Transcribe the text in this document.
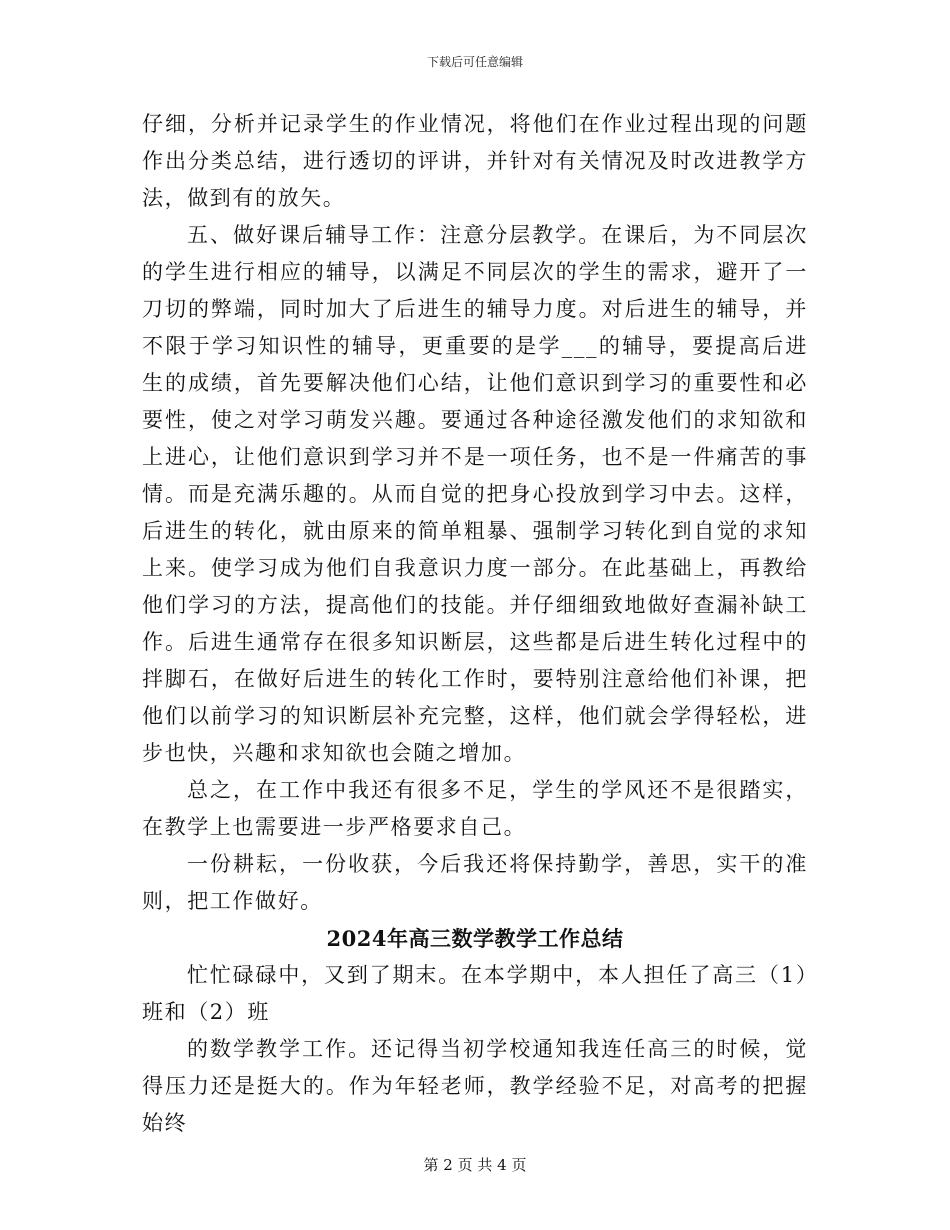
下载后可任意编辑

仔细，分析并记录学生的作业情况，将他们在作业过程出现的问题作出分类总结，进行透切的评讲，并针对有关情况及时改进教学方法，做到有的放矢。

五、做好课后辅导工作：注意分层教学。在课后，为不同层次的学生进行相应的辅导，以满足不同层次的学生的需求，避开了一刀切的弊端，同时加大了后进生的辅导力度。对后进生的辅导，并不限于学习知识性的辅导，更重要的是学___的辅导，要提高后进生的成绩，首先要解决他们心结，让他们意识到学习的重要性和必要性，使之对学习萌发兴趣。要通过各种途径激发他们的求知欲和上进心，让他们意识到学习并不是一项任务，也不是一件痛苦的事情。而是充满乐趣的。从而自觉的把身心投放到学习中去。这样，后进生的转化，就由原来的简单粗暴、强制学习转化到自觉的求知上来。使学习成为他们自我意识力度一部分。在此基础上，再教给他们学习的方法，提高他们的技能。并仔细细致地做好查漏补缺工作。后进生通常存在很多知识断层，这些都是后进生转化过程中的拌脚石，在做好后进生的转化工作时，要特别注意给他们补课，把他们以前学习的知识断层补充完整，这样，他们就会学得轻松，进步也快，兴趣和求知欲也会随之增加。

总之，在工作中我还有很多不足，学生的学风还不是很踏实，在教学上也需要进一步严格要求自己。

一份耕耘，一份收获，今后我还将保持勤学，善思，实干的准则，把工作做好。

2024年高三数学教学工作总结

忙忙碌碌中，又到了期末。在本学期中，本人担任了高三（1）班和（2）班

的数学教学工作。还记得当初学校通知我连任高三的时候，觉得压力还是挺大的。作为年轻老师，教学经验不足，对高考的把握始终

第 2 页 共 4 页
